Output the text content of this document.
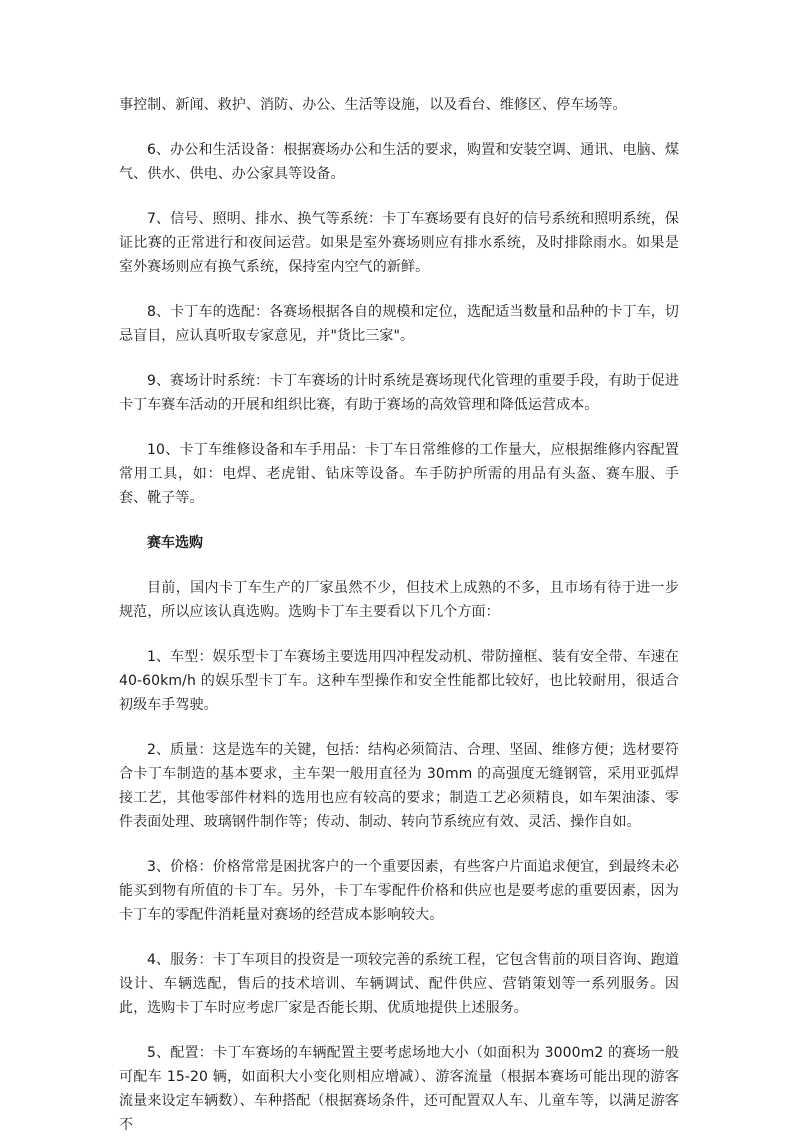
事控制、新闻、救护、消防、办公、生活等设施，以及看台、维修区、停车场等。

6、办公和生活设备：根据赛场办公和生活的要求，购置和安装空调、通讯、电脑、煤气、供水、供电、办公家具等设备。

7、信号、照明、排水、换气等系统：卡丁车赛场要有良好的信号系统和照明系统，保证比赛的正常进行和夜间运营。如果是室外赛场则应有排水系统，及时排除雨水。如果是室外赛场则应有换气系统，保持室内空气的新鲜。

8、卡丁车的选配：各赛场根据各自的规模和定位，选配适当数量和品种的卡丁车，切忌盲目，应认真听取专家意见，并"货比三家"。

9、赛场计时系统：卡丁车赛场的计时系统是赛场现代化管理的重要手段，有助于促进卡丁车赛车活动的开展和组织比赛，有助于赛场的高效管理和降低运营成本。

10、卡丁车维修设备和车手用品：卡丁车日常维修的工作量大，应根据维修内容配置常用工具，如：电焊、老虎钳、钻床等设备。车手防护所需的用品有头盔、赛车服、手套、靴子等。

赛车选购

目前，国内卡丁车生产的厂家虽然不少，但技术上成熟的不多，且市场有待于进一步规范，所以应该认真选购。选购卡丁车主要看以下几个方面：

1、车型：娱乐型卡丁车赛场主要选用四冲程发动机、带防撞框、装有安全带、车速在40-60km/h 的娱乐型卡丁车。这种车型操作和安全性能都比较好，也比较耐用，很适合初级车手驾驶。

2、质量：这是选车的关键，包括：结构必须简洁、合理、坚固、维修方便；选材要符合卡丁车制造的基本要求，主车架一般用直径为 30mm 的高强度无缝钢管，采用亚弧焊接工艺，其他零部件材料的选用也应有较高的要求；制造工艺必须精良，如车架油漆、零件表面处理、玻璃钢件制作等；传动、制动、转向节系统应有效、灵活、操作自如。

3、价格：价格常常是困扰客户的一个重要因素，有些客户片面追求便宜，到最终未必能买到物有所值的卡丁车。另外，卡丁车零配件价格和供应也是要考虑的重要因素，因为卡丁车的零配件消耗量对赛场的经营成本影响较大。

4、服务：卡丁车项目的投资是一项较完善的系统工程，它包含售前的项目咨询、跑道设计、车辆选配，售后的技术培训、车辆调试、配件供应、营销策划等一系列服务。因此，选购卡丁车时应考虑厂家是否能长期、优质地提供上述服务。

5、配置：卡丁车赛场的车辆配置主要考虑场地大小（如面积为 3000m2 的赛场一般可配车 15-20 辆，如面积大小变化则相应增减）、游客流量（根据本赛场可能出现的游客流量来设定车辆数）、车种搭配（根据赛场条件，还可配置双人车、儿童车等，以满足游客不
